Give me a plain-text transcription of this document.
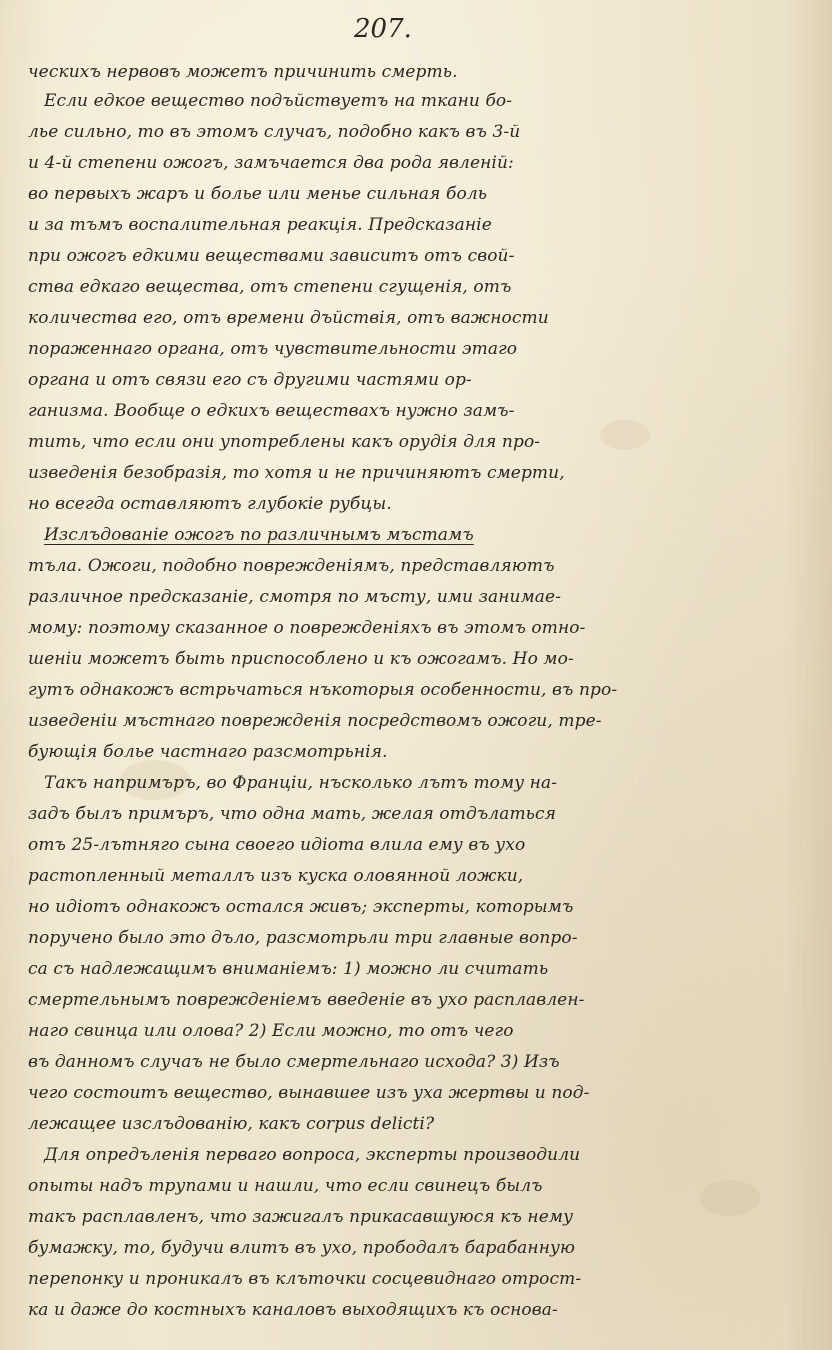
207.
ческихъ нервовъ можетъ причинить смерть.
Если едкое вещество подъйствуетъ на ткани бо-
лье сильно, то въ этомъ случаъ, подобно какъ въ 3-й
и 4-й степени ожогъ, замъчается два рода явленій:
во первыхъ жаръ и болье или менье сильная боль
и за тъмъ воспалительная реакція. Предсказаніе
при ожогъ едкими веществами зависитъ отъ свой-
ства едкаго вещества, отъ степени сгущенія, отъ
количества его, отъ времени дъйствія, отъ важности
пораженнаго органа, отъ чувствительности этаго
органа и отъ связи его съ другими частями ор-
ганизма. Вообще о едкихъ веществахъ нужно замъ-
тить, что если они употреблены какъ орудія для про-
изведенія безобразія, то хотя и не причиняютъ смерти,
но всегда оставляютъ глубокіе рубцы.
Изслъдованіе ожогъ по различнымъ мъстамъ
тъла. Ожоги, подобно поврежденіямъ, представляютъ
различное предсказаніе, смотря по мъсту, ими занимае-
мому: поэтому сказанное о поврежденіяхъ въ этомъ отно-
шеніи можетъ быть приспособлено и къ ожогамъ. Но мо-
гутъ однакожъ встрьчаться нъкоторыя особенности, въ про-
изведеніи мъстнаго поврежденія посредствомъ ожоги, тре-
бующія болье частнаго разсмотрьнія.
Такъ напримъръ, во Франціи, нъсколько лътъ тому на-
задъ былъ примъръ, что одна мать, желая отдълаться
отъ 25-лътняго сына своего идіота влила ему въ ухо
растопленный металлъ изъ куска оловянной ложки,
но идіотъ однакожъ остался живъ; эксперты, которымъ
поручено было это дъло, разсмотрьли три главные вопро-
са съ надлежащимъ вниманіемъ: 1) можно ли считать
смертельнымъ поврежденіемъ введеніе въ ухо расплавлен-
наго свинца или олова? 2) Если можно, то отъ чего
въ данномъ случаъ не было смертельнаго исхода? 3) Изъ
чего состоитъ вещество, вынавшее изъ уха жертвы и под-
лежащее изслъдованію, какъ corpus delicti?
Для опредъленія перваго вопроса, эксперты производили
опыты надъ трупами и нашли, что если свинецъ былъ
такъ расплавленъ, что зажигалъ прикасавшуюся къ нему
бумажку, то, будучи влитъ въ ухо, прободалъ барабанную
перепонку и проникалъ въ клъточки сосцевиднаго отрост-
ка и даже до костныхъ каналовъ выходящихъ къ основа-
